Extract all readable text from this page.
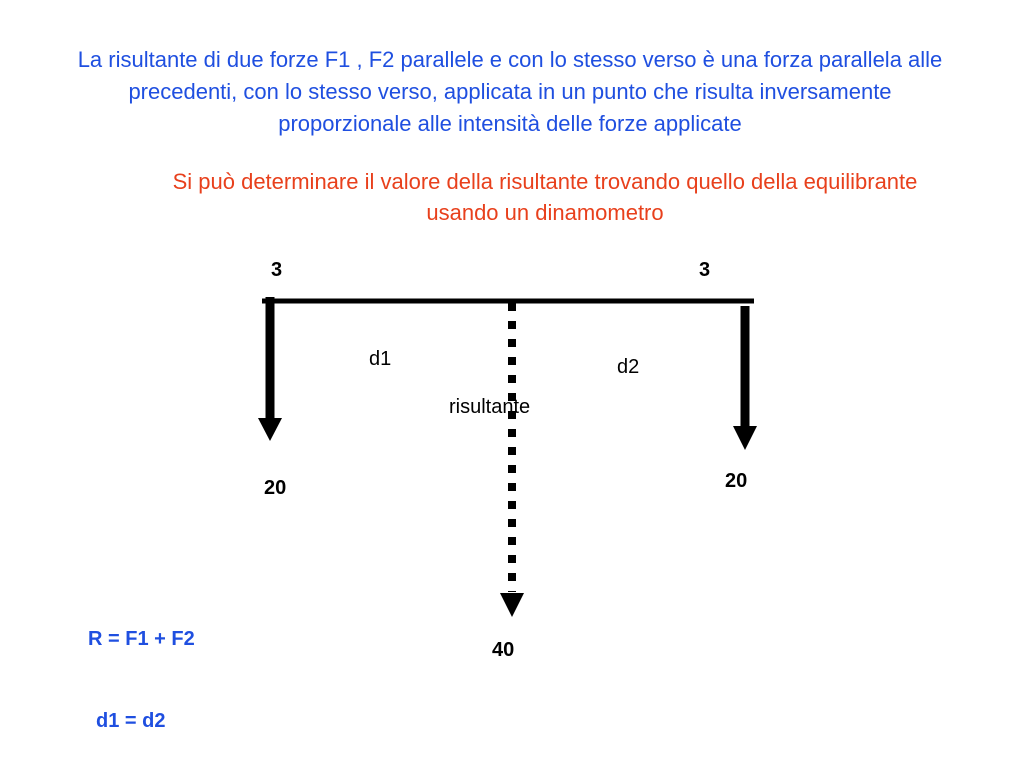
La risultante di due forze F1 , F2 parallele e con lo stesso verso è una forza parallela alle precedenti, con lo stesso verso, applicata in un punto che risulta inversamente proporzionale alle intensità delle forze applicate
Si può determinare il valore della risultante trovando quello della equilibrante usando un dinamometro
3	3
d1	d2
risultante
20	20
40
R = F1 + F2
d1 = d2
